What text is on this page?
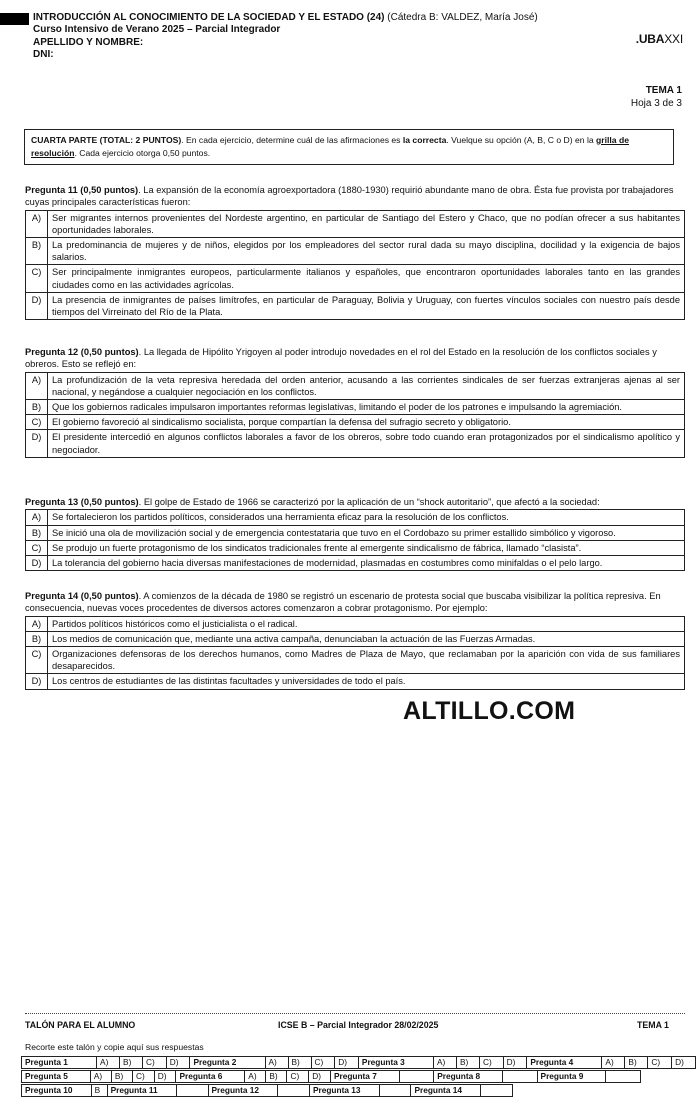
INTRODUCCIÓN AL CONOCIMIENTO DE LA SOCIEDAD Y EL ESTADO (24) (Cátedra B: VALDEZ, María José)
Curso Intensivo de Verano 2025 – Parcial Integrador
APELLIDO Y NOMBRE:
DNI:
.UBAXXI
TEMA 1
Hoja 3 de 3
CUARTA PARTE (TOTAL: 2 PUNTOS). En cada ejercicio, determine cuál de las afirmaciones es la correcta. Vuelque su opción (A, B, C o D) en la grilla de resolución. Cada ejercicio otorga 0,50 puntos.
Pregunta 11 (0,50 puntos). La expansión de la economía agroexportadora (1880-1930) requirió abundante mano de obra. Ésta fue provista por trabajadores cuyas principales características fueron:
A)	Ser migrantes internos provenientes del Nordeste argentino, en particular de Santiago del Estero y Chaco, que no podían ofrecer a sus habitantes oportunidades laborales.
B)	La predominancia de mujeres y de niños, elegidos por los empleadores del sector rural dada su mayo disciplina, docilidad y la exigencia de bajos salarios.
C)	Ser principalmente inmigrantes europeos, particularmente italianos y españoles, que encontraron oportunidades laborales tanto en las grandes ciudades como en las actividades agrícolas.
D)	La presencia de inmigrantes de países limítrofes, en particular de Paraguay, Bolivia y Uruguay, con fuertes vínculos sociales con nuestro país desde tiempos del Virreinato del Río de la Plata.
Pregunta 12 (0,50 puntos). La llegada de Hipólito Yrigoyen al poder introdujo novedades en el rol del Estado en la resolución de los conflictos sociales y obreros. Esto se reflejó en:
A)	La profundización de la veta represiva heredada del orden anterior, acusando a las corrientes sindicales de ser fuerzas extranjeras ajenas al ser nacional, y negándose a cualquier negociación en los conflictos.
B)	Que los gobiernos radicales impulsaron importantes reformas legislativas, limitando el poder de los patrones e impulsando la agremiación.
C)	El gobierno favoreció al sindicalismo socialista, porque compartían la defensa del sufragio secreto y obligatorio.
D)	El presidente intercedió en algunos conflictos laborales a favor de los obreros, sobre todo cuando eran protagonizados por el sindicalismo apolítico y negociador.
Pregunta 13 (0,50 puntos). El golpe de Estado de 1966 se caracterizó por la aplicación de un “shock autoritario”, que afectó a la sociedad:
A)	Se fortalecieron los partidos políticos, considerados una herramienta eficaz para la resolución de los conflictos.
B)	Se inició una ola de movilización social y de emergencia contestataria que tuvo en el Cordobazo su primer estallido simbólico y vigoroso.
C)	Se produjo un fuerte protagonismo de los sindicatos tradicionales frente al emergente sindicalismo de fábrica, llamado “clasista”.
D)	La tolerancia del gobierno hacia diversas manifestaciones de modernidad, plasmadas en costumbres como minifaldas o el pelo largo.
Pregunta 14 (0,50 puntos). A comienzos de la década de 1980 se registró un escenario de protesta social que buscaba visibilizar la política represiva. En consecuencia, nuevas voces procedentes de diversos actores comenzaron a cobrar protagonismo. Por ejemplo:
A)	Partidos políticos históricos como el justicialista o el radical.
B)	Los medios de comunicación que, mediante una activa campaña, denunciaban la actuación de las Fuerzas Armadas.
C)	Organizaciones defensoras de los derechos humanos, como Madres de Plaza de Mayo, que reclamaban por la aparición con vida de sus familiares desaparecidos.
D)	Los centros de estudiantes de las distintas facultades y universidades de todo el país.
ALTILLO.COM
TALÓN PARA EL ALUMNO	ICSE B – Parcial Integrador 28/02/2025	TEMA 1
Recorte este talón y copie aquí sus respuestas
Pregunta 1	A)	B)	C)	D)	Pregunta 2	A)	B)	C)	D)	Pregunta 3	A)	B)	C)	D)	Pregunta 4	A)	B)	C)	D)
Pregunta 5	A)	B)	C)	D)	Pregunta 6	A)	B)	C)	D)	Pregunta 7		Pregunta 8		Pregunta 9	
Pregunta 10	B	Pregunta 11		Pregunta 12		Pregunta 13		Pregunta 14	
